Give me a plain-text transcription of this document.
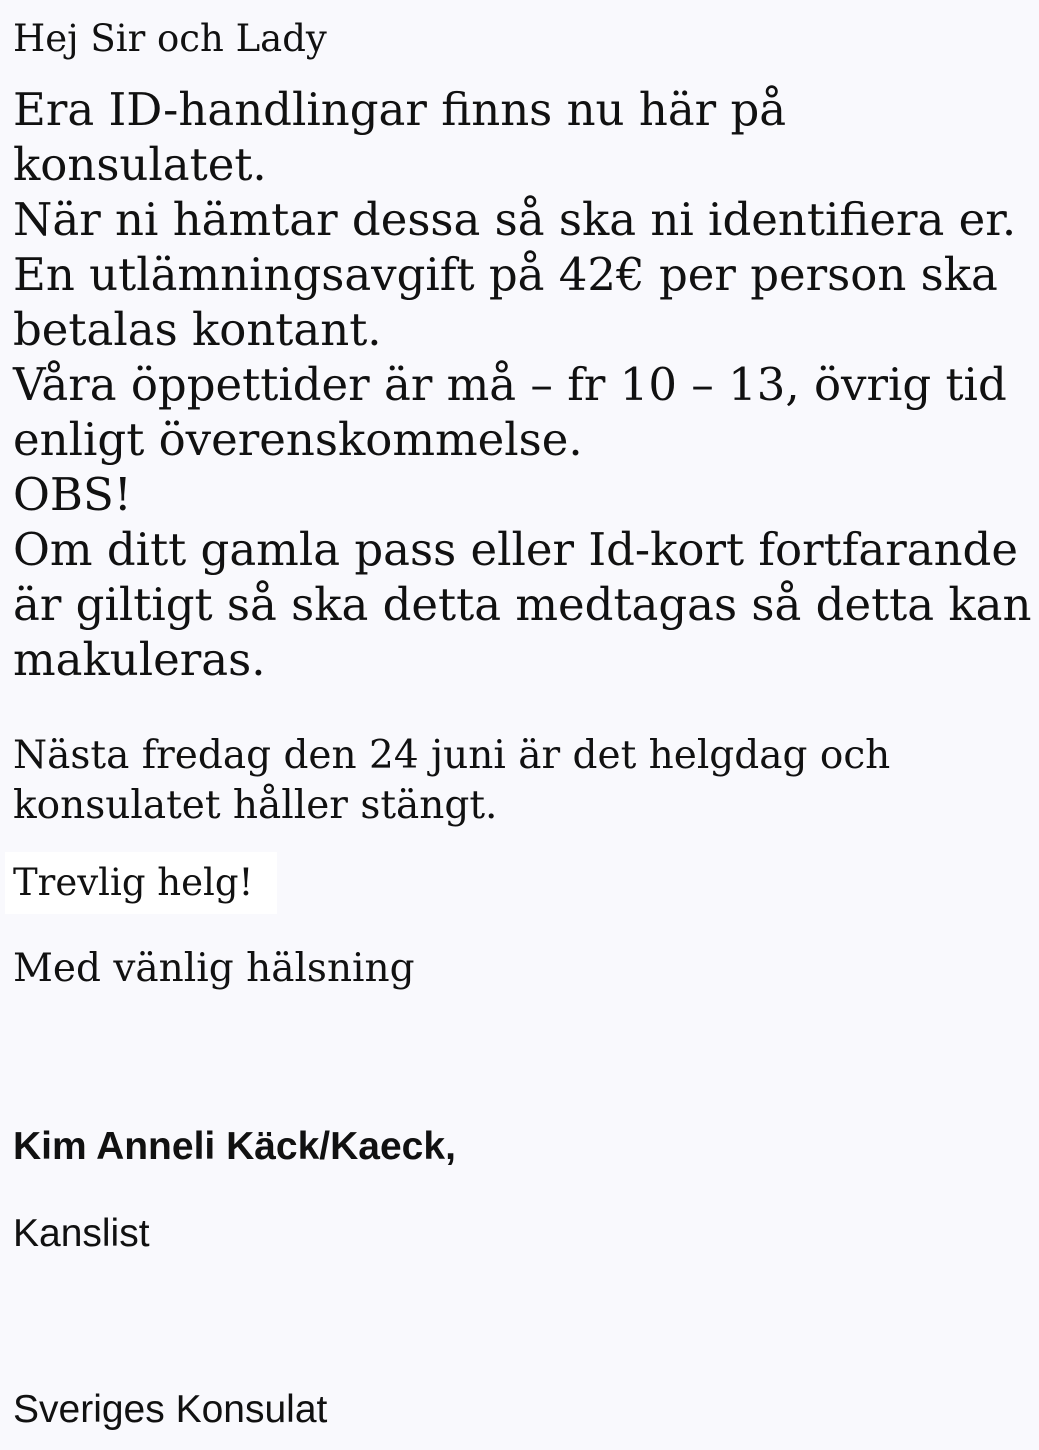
Hej Sir och Lady

Era ID-handlingar finns nu här på
konsulatet.
När ni hämtar dessa så ska ni identifiera er.
En utlämningsavgift på 42€ per person ska
betalas kontant.
Våra öppettider är må – fr 10 – 13, övrig tid
enligt överenskommelse.
OBS!
Om ditt gamla pass eller Id-kort fortfarande
är giltigt så ska detta medtagas så detta kan
makuleras.
Nästa fredag den 24 juni är det helgdag och
konsulatet håller stängt.

Trevlig helg!

Med vänlig hälsning

Kim Anneli Käck/Kaeck,

Kanslist

Sveriges Konsulat
